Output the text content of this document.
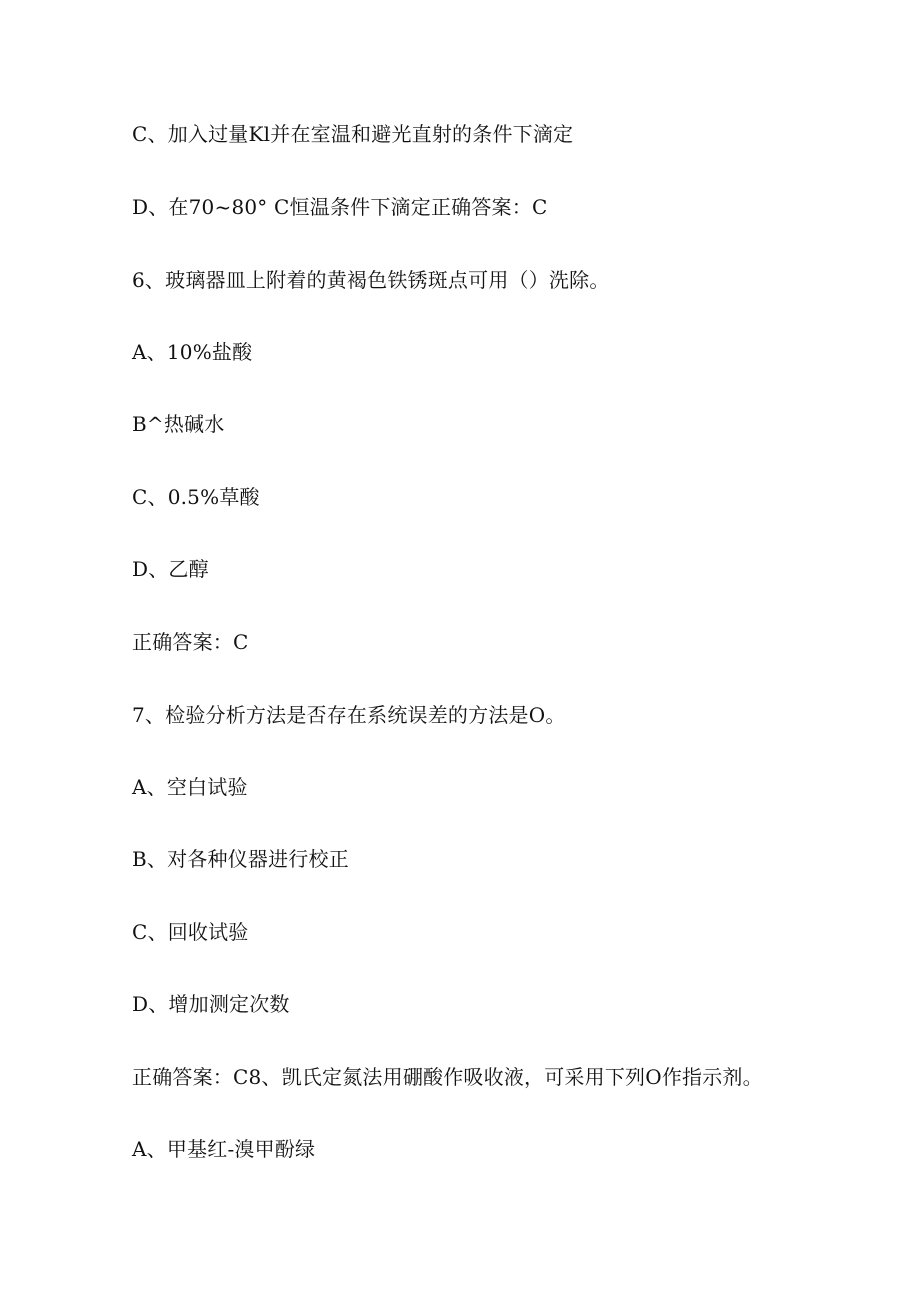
C、加入过量Kl并在室温和避光直射的条件下滴定

D、在70~80° C恒温条件下滴定正确答案：C

6、玻璃器皿上附着的黄褐色铁锈斑点可用（）洗除。

A、10%盐酸

B^热碱水

C、0.5%草酸

D、乙醇

正确答案：C

7、检验分析方法是否存在系统误差的方法是O。

A、空白试验

B、对各种仪器进行校正

C、回收试验

D、增加测定次数

正确答案：C8、凯氏定氮法用硼酸作吸收液，可采用下列O作指示剂。

A、甲基红-溴甲酚绿
